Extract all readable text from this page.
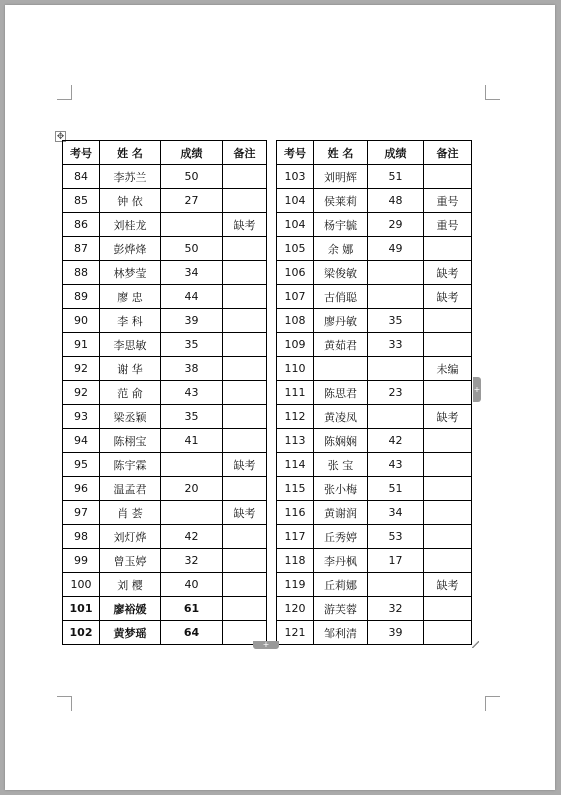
✥
考号	姓 名	成绩	备注
84	李苏兰	50	
85	钟 依	27	
86	刘桂龙		缺考
87	彭烨烽	50	
88	林梦莹	34	
89	廖 忠	44	
90	李 科	39	
91	李思敏	35	
92	谢 华	38	
92	范 俞	43	
93	梁丞颖	35	
94	陈栩宝	41	
95	陈宇霖		缺考
96	温孟君	20	
97	肖 荟		缺考
98	刘灯烨	42	
99	曾玉婷	32	
100	刘 樱	40	
101	廖裕媛	61	
102	黄梦瑶	64	
考号	姓 名	成绩	备注
103	刘明辉	51	
104	侯莱莉	48	重号
104	杨宇毓	29	重号
105	余 娜	49	
106	梁俊敏		缺考
107	古俏聪		缺考
108	廖丹敏	35	
109	黄茹君	33	
110			未编
111	陈思君	23	
112	黄凌凤		缺考
113	陈娴娴	42	
114	张 宝	43	
115	张小梅	51	
116	黄谢润	34	
117	丘秀婷	53	
118	李丹枫	17	
119	丘莉娜		缺考
120	游芙蓉	32	
121	邹利清	39	
+
+
